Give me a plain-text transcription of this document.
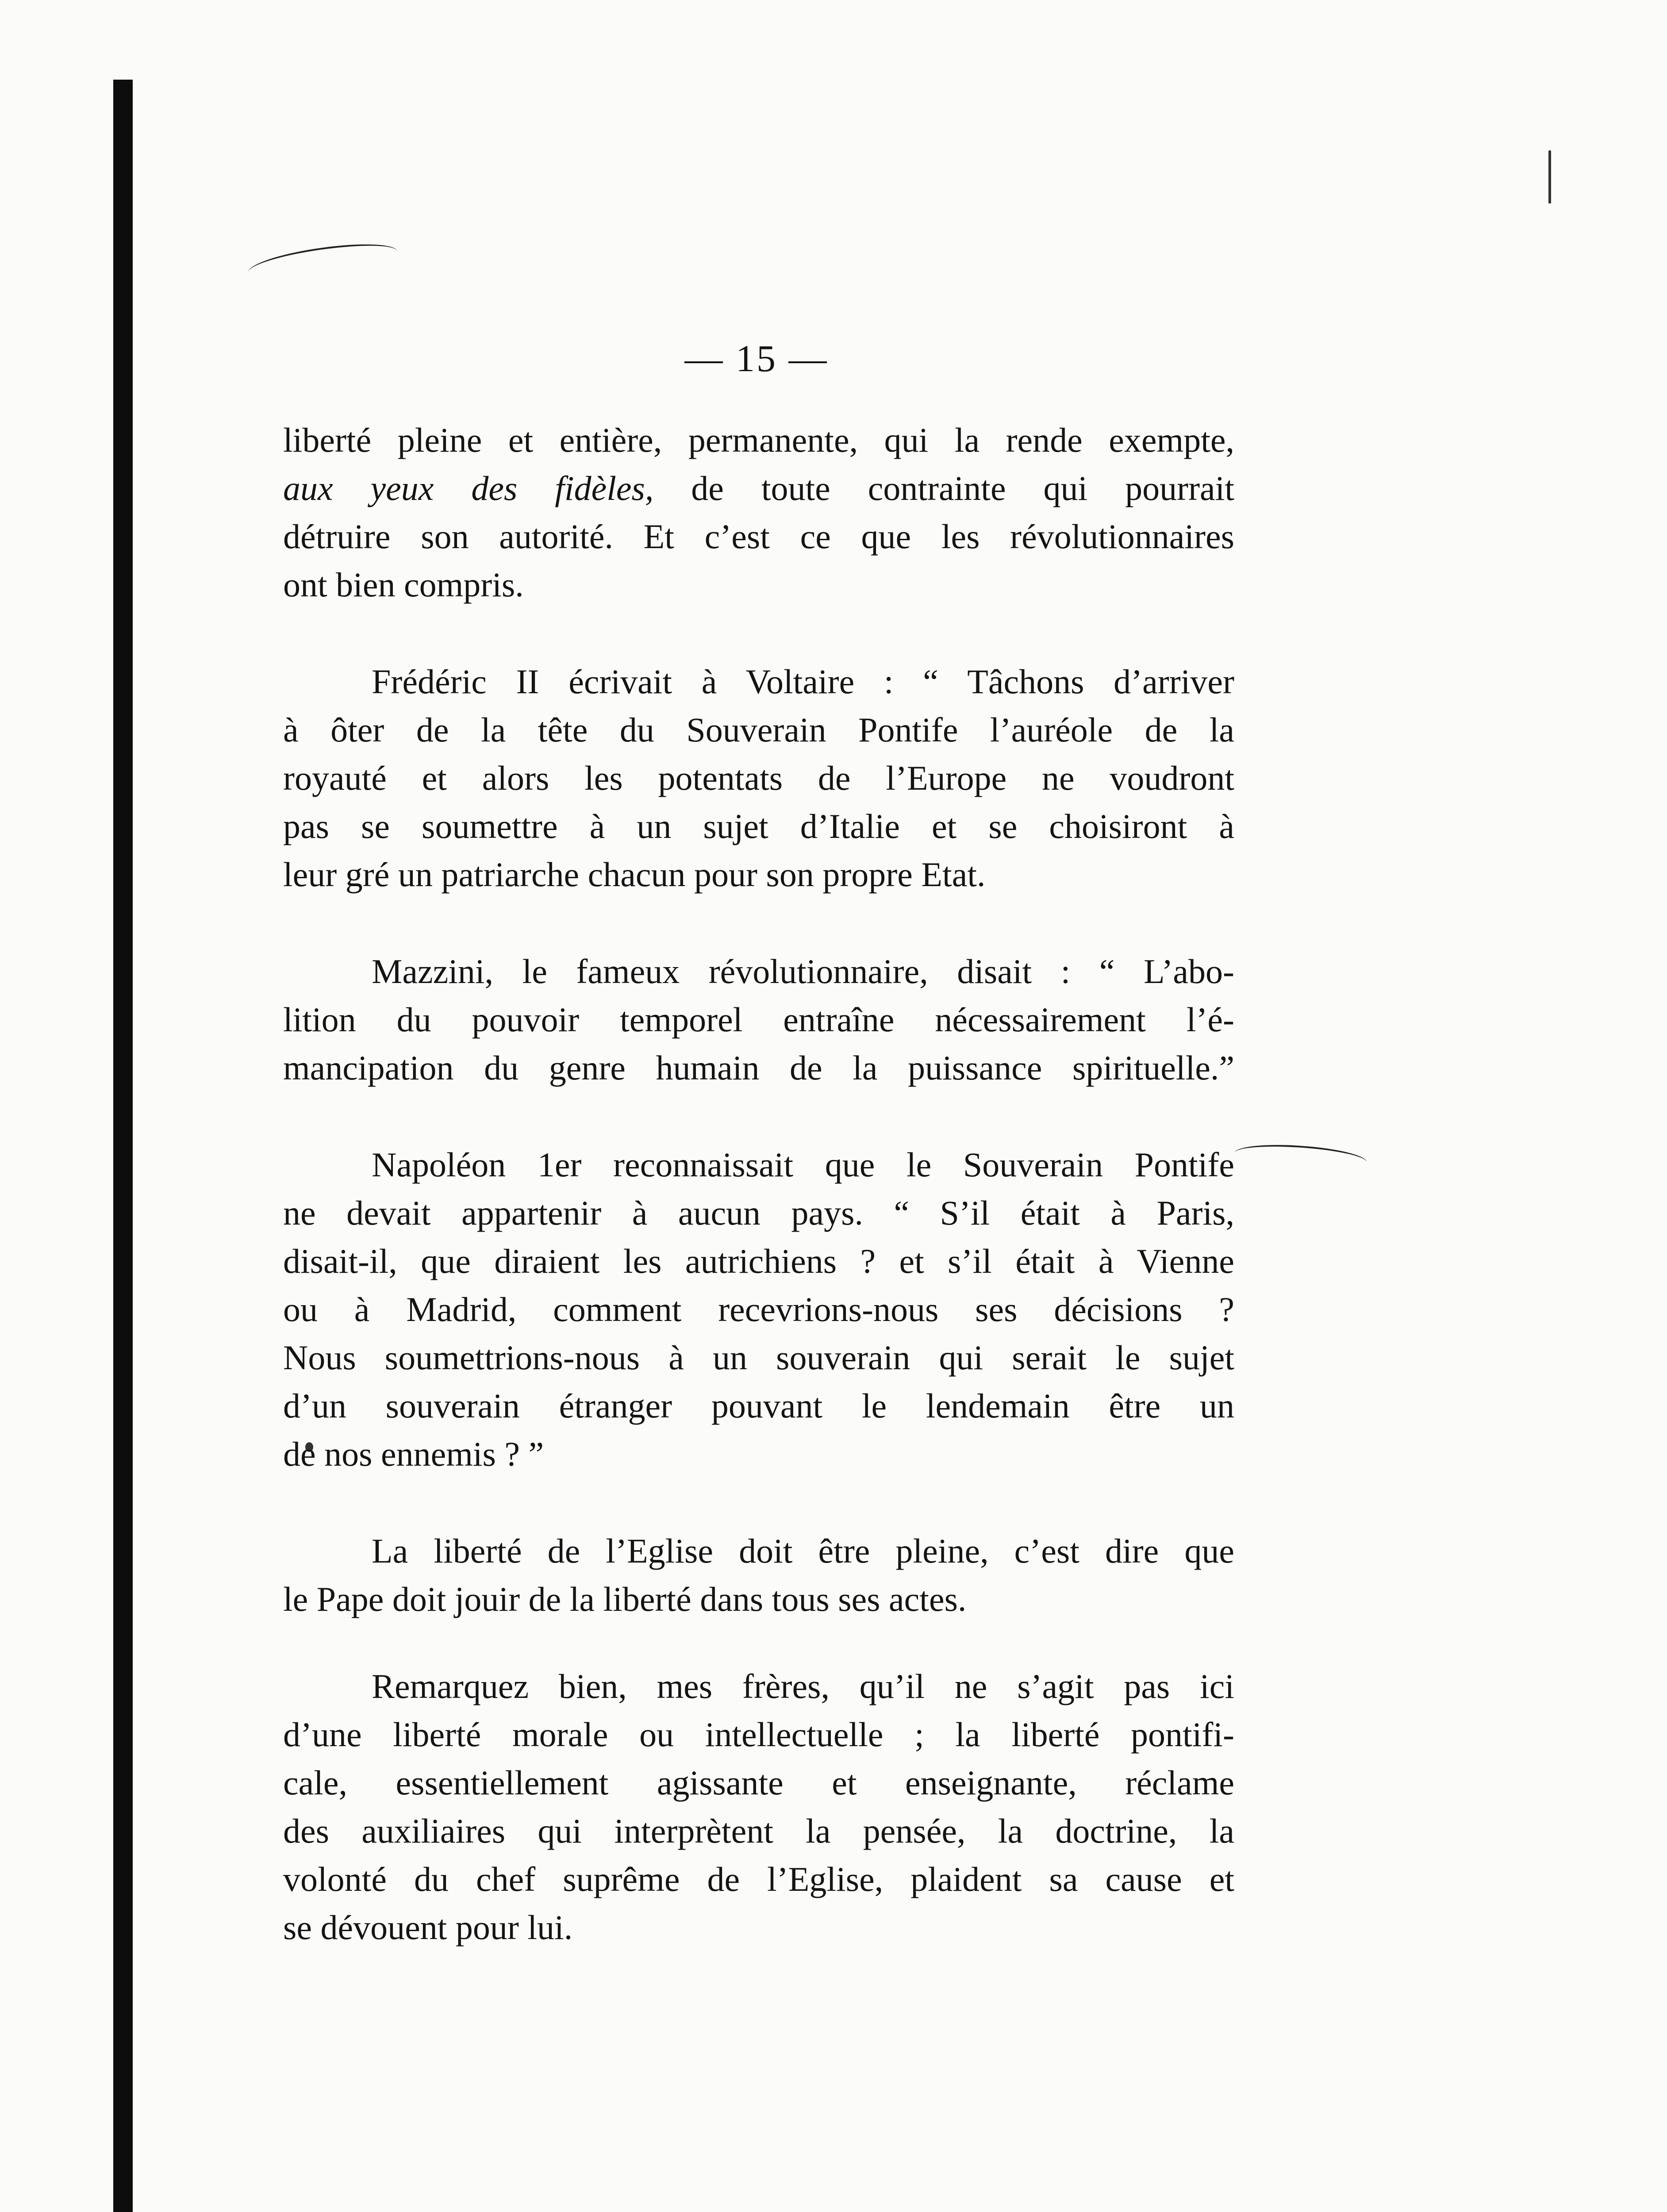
— 15 —
liberté pleine et entière, permanente, qui la rende exempte,
aux yeux des fidèles, de toute contrainte qui pourrait
détruire son autorité. Et c’est ce que les révolutionnaires
ont bien compris.
Frédéric II écrivait à Voltaire : “ Tâchons d’arriver
à ôter de la tête du Souverain Pontife l’auréole de la
royauté et alors les potentats de l’Europe ne voudront
pas se soumettre à un sujet d’Italie et se choisiront à
leur gré un patriarche chacun pour son propre Etat.
Mazzini, le fameux révolutionnaire, disait : “ L’abo-
lition du pouvoir temporel entraîne nécessairement l’é-
mancipation du genre humain de la puissance spirituelle.”
Napoléon 1er reconnaissait que le Souverain Pontife
ne devait appartenir à aucun pays. “ S’il était à Paris,
disait-il, que diraient les autrichiens ? et s’il était à Vienne
ou à Madrid, comment recevrions-nous ses décisions ?
Nous soumettrions-nous à un souverain qui serait le sujet
d’un souverain étranger pouvant le lendemain être un
de nos ennemis ? ”
La liberté de l’Eglise doit être pleine, c’est dire que
le Pape doit jouir de la liberté dans tous ses actes.
Remarquez bien, mes frères, qu’il ne s’agit pas ici
d’une liberté morale ou intellectuelle ; la liberté pontifi-
cale, essentiellement agissante et enseignante, réclame
des auxiliaires qui interprètent la pensée, la doctrine, la
volonté du chef suprême de l’Eglise, plaident sa cause et
se dévouent pour lui.
